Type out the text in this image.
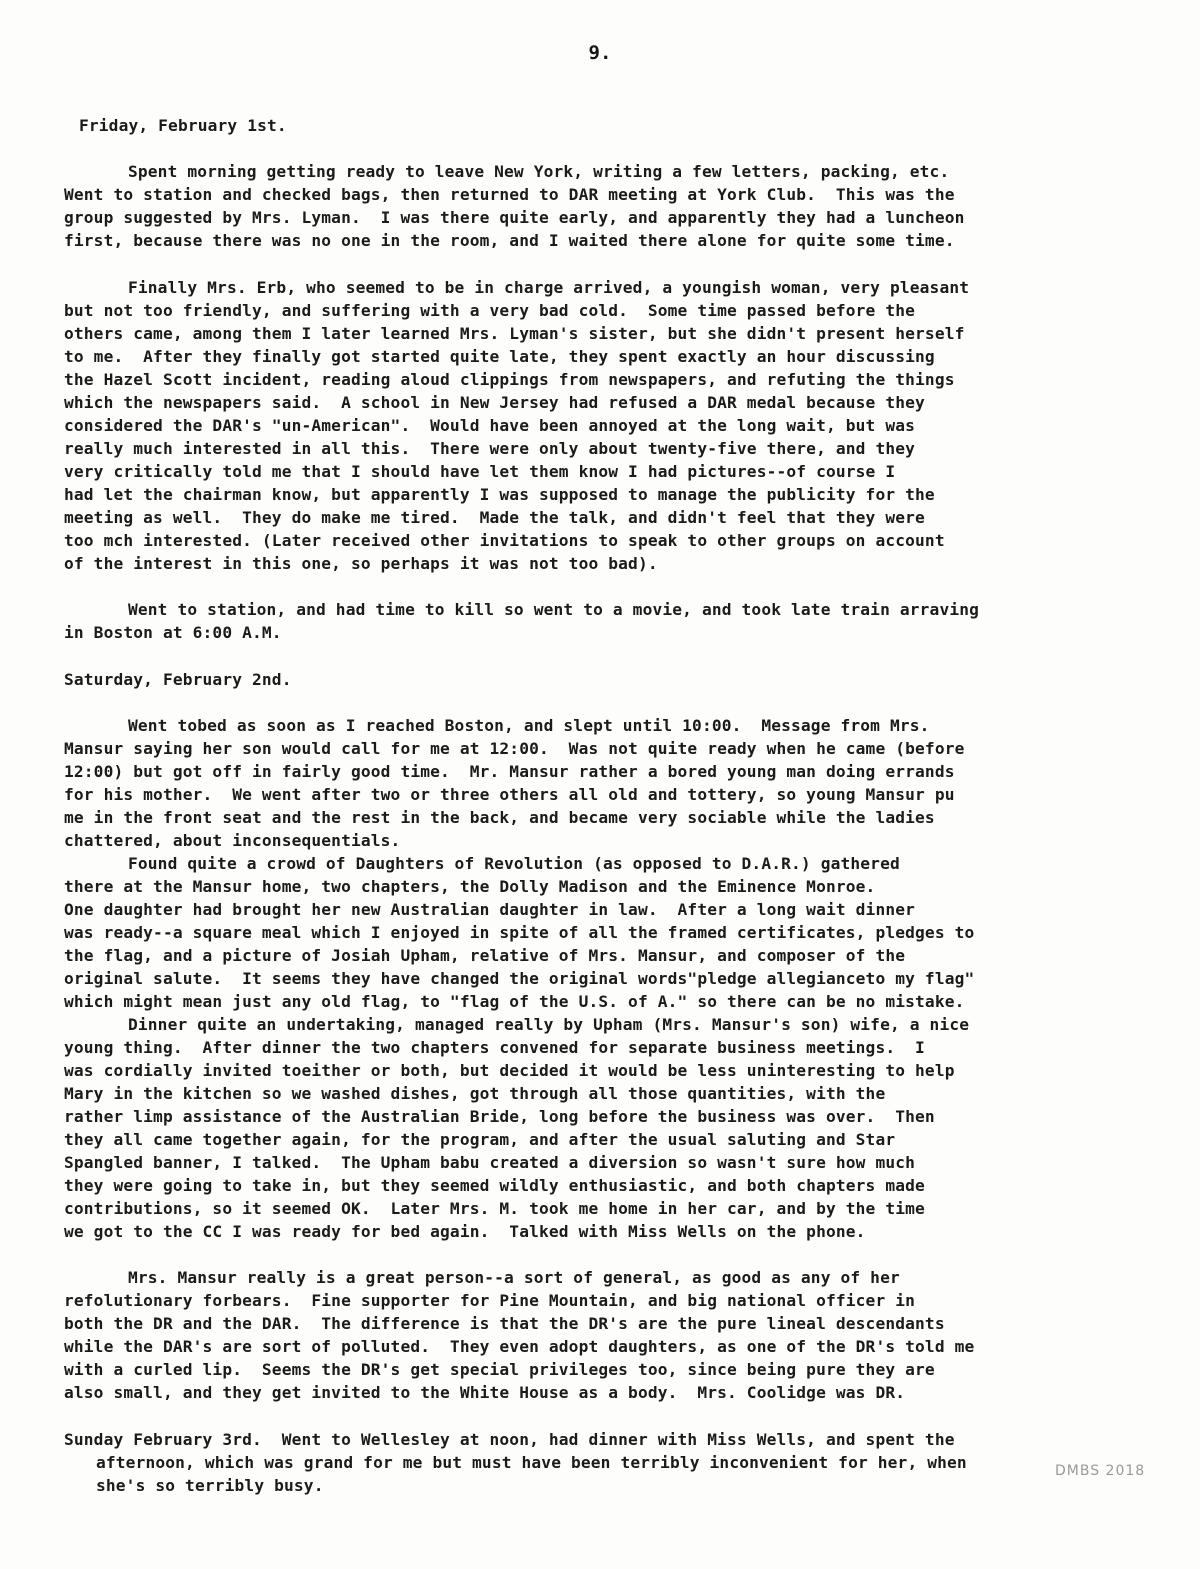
9.
Friday, February 1st.
Spent morning getting ready to leave New York, writing a few letters, packing, etc.
Went to station and checked bags, then returned to DAR meeting at York Club.  This was the
group suggested by Mrs. Lyman.  I was there quite early, and apparently they had a luncheon
first, because there was no one in the room, and I waited there alone for quite some time.
Finally Mrs. Erb, who seemed to be in charge arrived, a youngish woman, very pleasant
but not too friendly, and suffering with a very bad cold.  Some time passed before the
others came, among them I later learned Mrs. Lyman's sister, but she didn't present herself
to me.  After they finally got started quite late, they spent exactly an hour discussing
the Hazel Scott incident, reading aloud clippings from newspapers, and refuting the things
which the newspapers said.  A school in New Jersey had refused a DAR medal because they
considered the DAR's "un-American".  Would have been annoyed at the long wait, but was
really much interested in all this.  There were only about twenty-five there, and they
very critically told me that I should have let them know I had pictures--of course I
had let the chairman know, but apparently I was supposed to manage the publicity for the
meeting as well.  They do make me tired.  Made the talk, and didn't feel that they were
too mch interested. (Later received other invitations to speak to other groups on account
of the interest in this one, so perhaps it was not too bad).
Went to station, and had time to kill so went to a movie, and took late train arraving
in Boston at 6:00 A.M.
Saturday, February 2nd.
Went tobed as soon as I reached Boston, and slept until 10:00.  Message from Mrs.
Mansur saying her son would call for me at 12:00.  Was not quite ready when he came (before
12:00) but got off in fairly good time.  Mr. Mansur rather a bored young man doing errands
for his mother.  We went after two or three others all old and tottery, so young Mansur pu
me in the front seat and the rest in the back, and became very sociable while the ladies
chattered, about inconsequentials.
Found quite a crowd of Daughters of Revolution (as opposed to D.A.R.) gathered
there at the Mansur home, two chapters, the Dolly Madison and the Eminence Monroe.
One daughter had brought her new Australian daughter in law.  After a long wait dinner
was ready--a square meal which I enjoyed in spite of all the framed certificates, pledges to
the flag, and a picture of Josiah Upham, relative of Mrs. Mansur, and composer of the
original salute.  It seems they have changed the original words"pledge allegianceto my flag"
which might mean just any old flag, to "flag of the U.S. of A." so there can be no mistake.
Dinner quite an undertaking, managed really by Upham (Mrs. Mansur's son) wife, a nice
young thing.  After dinner the two chapters convened for separate business meetings.  I
was cordially invited toeither or both, but decided it would be less uninteresting to help
Mary in the kitchen so we washed dishes, got through all those quantities, with the
rather limp assistance of the Australian Bride, long before the business was over.  Then
they all came together again, for the program, and after the usual saluting and Star
Spangled banner, I talked.  The Upham babu created a diversion so wasn't sure how much
they were going to take in, but they seemed wildly enthusiastic, and both chapters made
contributions, so it seemed OK.  Later Mrs. M. took me home in her car, and by the time
we got to the CC I was ready for bed again.  Talked with Miss Wells on the phone.
Mrs. Mansur really is a great person--a sort of general, as good as any of her
refolutionary forbears.  Fine supporter for Pine Mountain, and big national officer in
both the DR and the DAR.  The difference is that the DR's are the pure lineal descendants
while the DAR's are sort of polluted.  They even adopt daughters, as one of the DR's told me
with a curled lip.  Seems the DR's get special privileges too, since being pure they are
also small, and they get invited to the White House as a body.  Mrs. Coolidge was DR.
Sunday February 3rd.  Went to Wellesley at noon, had dinner with Miss Wells, and spent the
afternoon, which was grand for me but must have been terribly inconvenient for her, when
she's so terribly busy.
DMBS 2018
